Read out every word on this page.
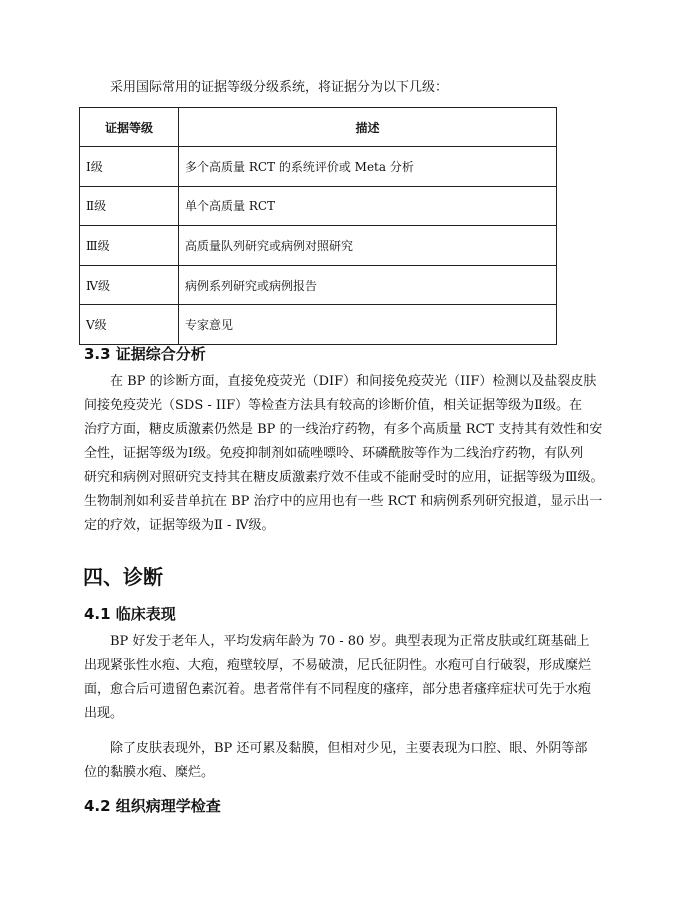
采用国际常用的证据等级分级系统，将证据分为以下几级：
证据等级	描述
Ⅰ级	多个高质量 RCT 的系统评价或 Meta 分析
Ⅱ级	单个高质量 RCT
Ⅲ级	高质量队列研究或病例对照研究
Ⅳ级	病例系列研究或病例报告
Ⅴ级	专家意见
3.3 证据综合分析
在 BP 的诊断方面，直接免疫荧光（DIF）和间接免疫荧光（IIF）检测以及盐裂皮肤
间接免疫荧光（SDS - IIF）等检查方法具有较高的诊断价值，相关证据等级为Ⅱ级。在
治疗方面，糖皮质激素仍然是 BP 的一线治疗药物，有多个高质量 RCT 支持其有效性和安
全性，证据等级为Ⅰ级。免疫抑制剂如硫唑嘌呤、环磷酰胺等作为二线治疗药物，有队列
研究和病例对照研究支持其在糖皮质激素疗效不佳或不能耐受时的应用，证据等级为Ⅲ级。
生物制剂如利妥昔单抗在 BP 治疗中的应用也有一些 RCT 和病例系列研究报道，显示出一
定的疗效，证据等级为Ⅱ - Ⅳ级。
四、诊断
4.1 临床表现
BP 好发于老年人，平均发病年龄为 70 - 80 岁。典型表现为正常皮肤或红斑基础上
出现紧张性水疱、大疱，疱壁较厚，不易破溃，尼氏征阴性。水疱可自行破裂，形成糜烂
面，愈合后可遗留色素沉着。患者常伴有不同程度的瘙痒，部分患者瘙痒症状可先于水疱
出现。
除了皮肤表现外，BP 还可累及黏膜，但相对少见，主要表现为口腔、眼、外阴等部
位的黏膜水疱、糜烂。
4.2 组织病理学检查
